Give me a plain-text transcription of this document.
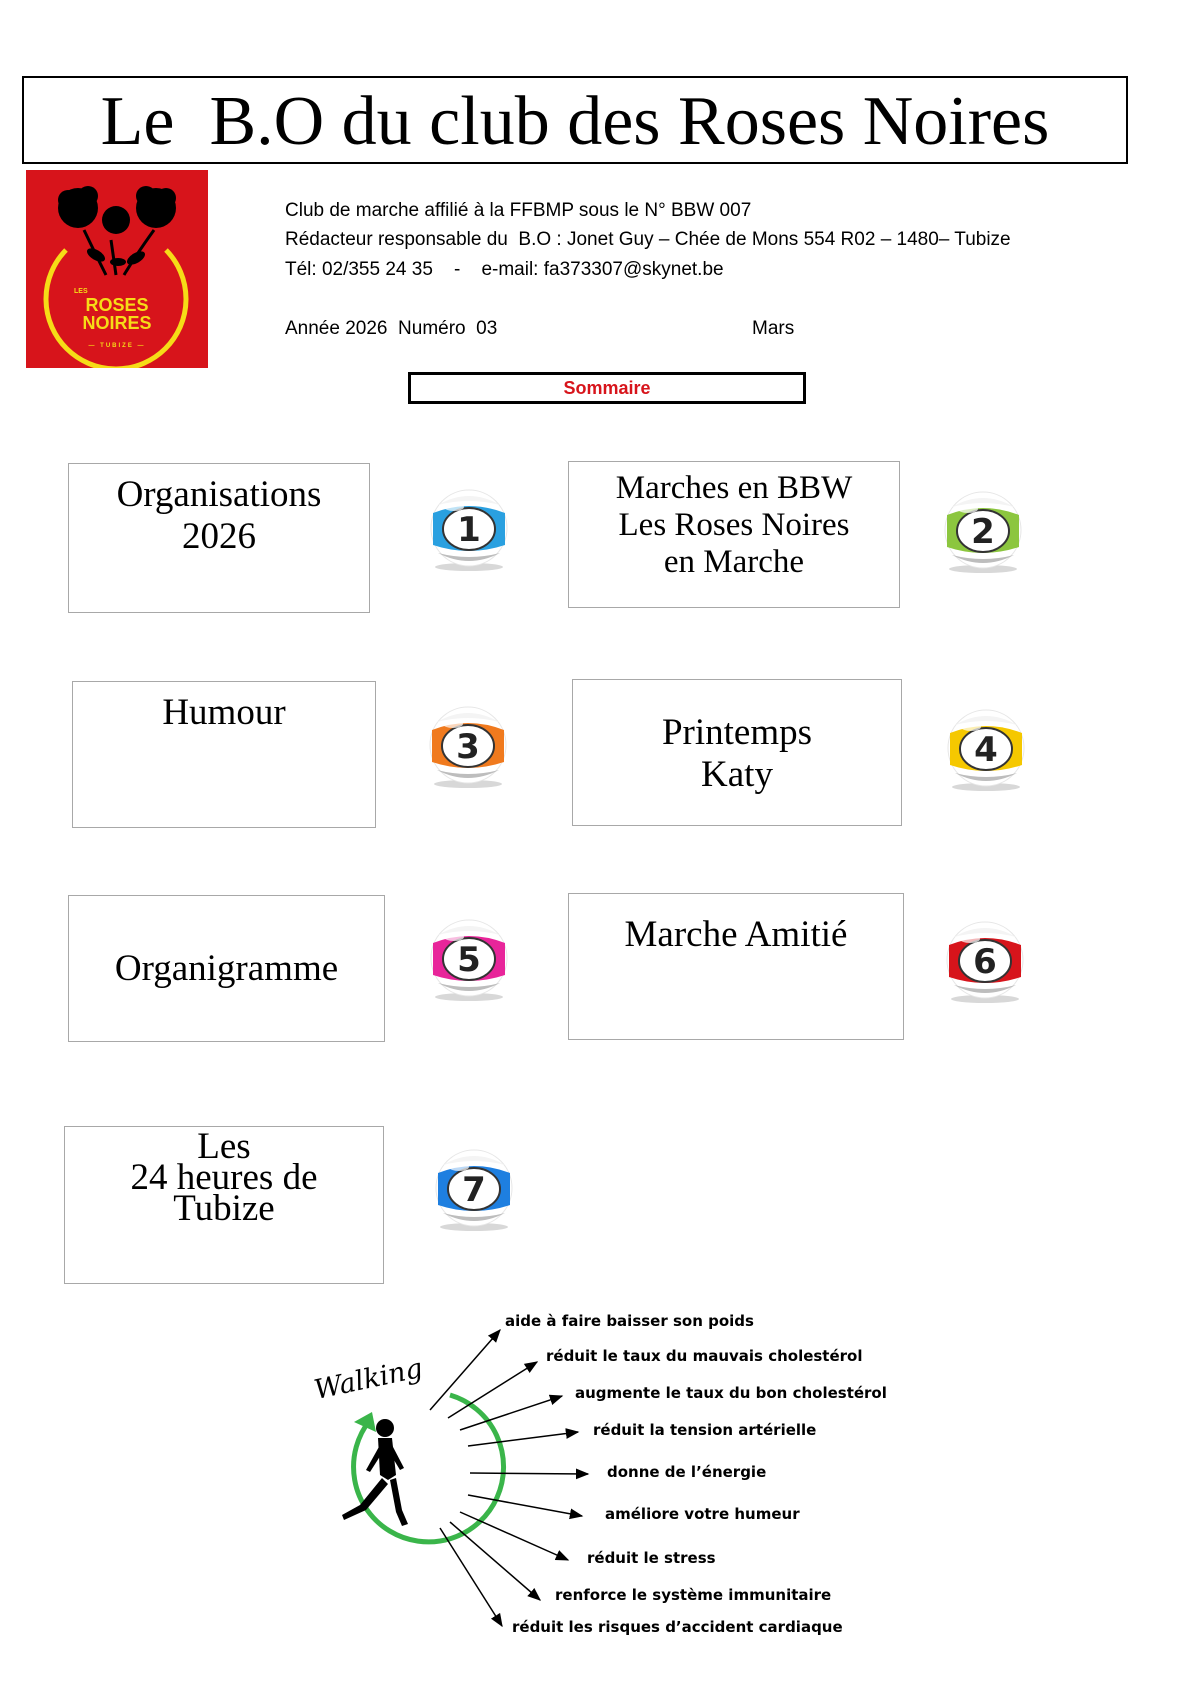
Le  B.O du club des Roses Noires
ROSES
NOIRES
LES
— TUBIZE —
Club de marche affilié à la FFBMP sous le N° BBW 007
Rédacteur responsable du  B.O : Jonet Guy – Chée de Mons 554 R02 – 1480– Tubize
Tél: 02/355 24 35    -    e-mail: fa373307@skynet.be
Année 2026  Numéro  03	Mars
Sommaire
Organisations
2026
Marches en BBW
Les Roses Noires
en Marche
Humour	Printemps
Katy
Organigramme
Marche Amitié
Les
24 heures de
Tubize
1	2
3	4
5	6
7
Walking
aide à faire baisser son poids
réduit le taux du mauvais cholestérol
augmente le taux du bon cholestérol
réduit la tension artérielle
donne de l’énergie
améliore votre humeur
réduit le stress
renforce le système immunitaire
réduit les risques d’accident cardiaque
